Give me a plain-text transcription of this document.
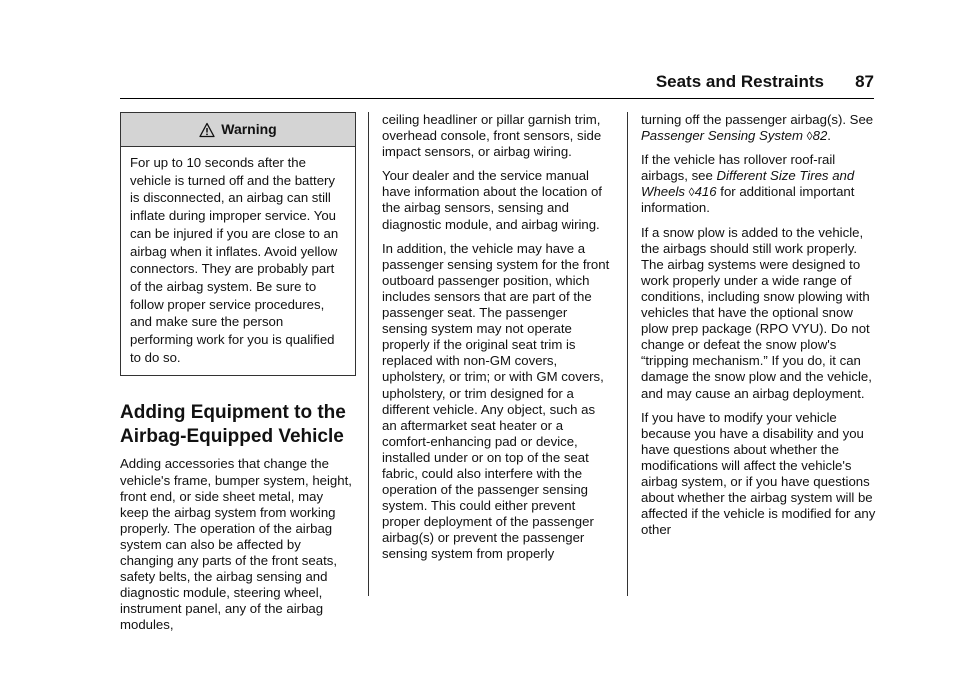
Seats and Restraints 87
Warning
For up to 10 seconds after the vehicle is turned off and the battery is disconnected, an airbag can still inflate during improper service. You can be injured if you are close to an airbag when it inflates. Avoid yellow connectors. They are probably part of the airbag system. Be sure to follow proper service procedures, and make sure the person performing work for you is qualified to do so.
Adding Equipment to the Airbag-Equipped Vehicle

Adding accessories that change the vehicle's frame, bumper system, height, front end, or side sheet metal, may keep the airbag system from working properly. The operation of the airbag system can also be affected by changing any parts of the front seats, safety belts, the airbag sensing and diagnostic module, steering wheel, instrument panel, any of the airbag modules,

ceiling headliner or pillar garnish trim, overhead console, front sensors, side impact sensors, or airbag wiring.

Your dealer and the service manual have information about the location of the airbag sensors, sensing and diagnostic module, and airbag wiring.

In addition, the vehicle may have a passenger sensing system for the front outboard passenger position, which includes sensors that are part of the passenger seat. The passenger sensing system may not operate properly if the original seat trim is replaced with non-GM covers, upholstery, or trim; or with GM covers, upholstery, or trim designed for a different vehicle. Any object, such as an aftermarket seat heater or a comfort-enhancing pad or device, installed under or on top of the seat fabric, could also interfere with the operation of the passenger sensing system. This could either prevent proper deployment of the passenger airbag(s) or prevent the passenger sensing system from properly

turning off the passenger airbag(s). See Passenger Sensing System ◊82.

If the vehicle has rollover roof-rail airbags, see Different Size Tires and Wheels ◊416 for additional important information.

If a snow plow is added to the vehicle, the airbags should still work properly. The airbag systems were designed to work properly under a wide range of conditions, including snow plowing with vehicles that have the optional snow plow prep package (RPO VYU). Do not change or defeat the snow plow's “tripping mechanism.” If you do, it can damage the snow plow and the vehicle, and may cause an airbag deployment.

If you have to modify your vehicle because you have a disability and you have questions about whether the modifications will affect the vehicle's airbag system, or if you have questions about whether the airbag system will be affected if the vehicle is modified for any other
